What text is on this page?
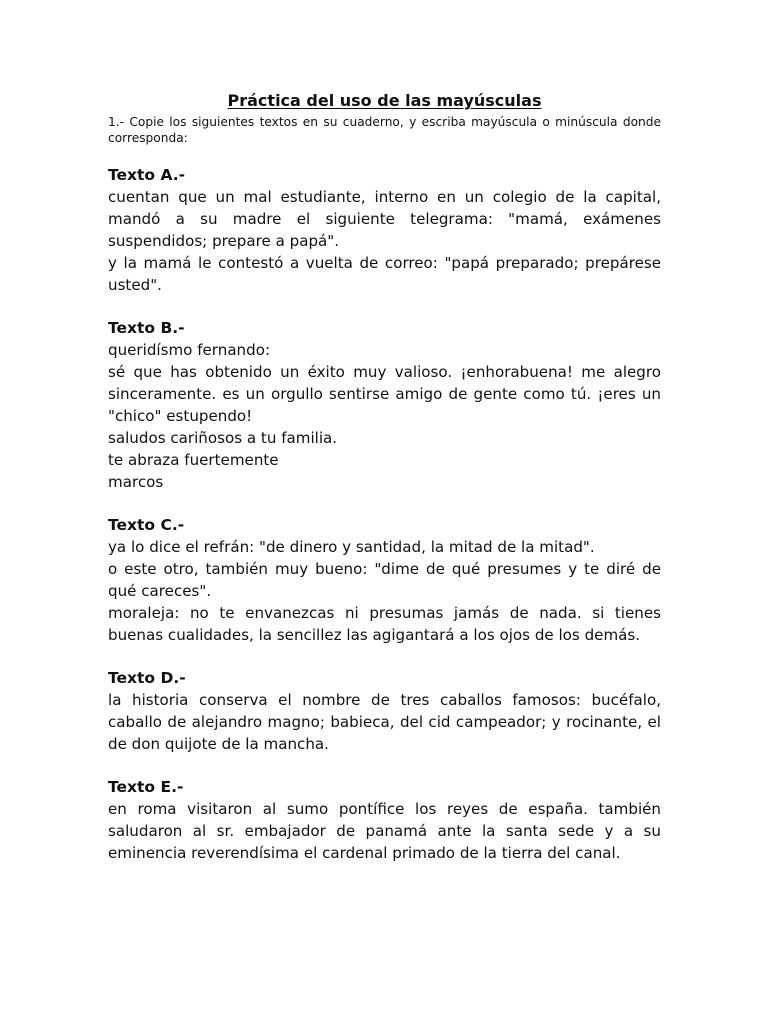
Práctica del uso de las mayúsculas

1.- Copie los siguientes textos en su cuaderno, y escriba mayúscula o minúscula donde corresponda:

Texto A.-

cuentan que un mal estudiante, interno en un colegio de la capital, mandó a su madre el siguiente telegrama: "mamá, exámenes suspendidos; prepare a papá".

y la mamá le contestó a vuelta de correo: "papá preparado; prepárese usted".

Texto B.-

queridísmo fernando:

sé que has obtenido un éxito muy valioso. ¡enhorabuena! me alegro sinceramente. es un orgullo sentirse amigo de gente como tú. ¡eres un "chico" estupendo!

saludos cariñosos a tu familia.

te abraza fuertemente

marcos

Texto C.-

ya lo dice el refrán: "de dinero y santidad, la mitad de la mitad".

o este otro, también muy bueno: "dime de qué presumes y te diré de qué careces".

moraleja: no te envanezcas ni presumas jamás de nada. si tienes buenas cualidades, la sencillez las agigantará a los ojos de los demás.

Texto D.-

la historia conserva el nombre de tres caballos famosos: bucéfalo, caballo de alejandro magno; babieca, del cid campeador; y rocinante, el de don quijote de la mancha.

Texto E.-

en roma visitaron al sumo pontífice los reyes de españa. también saludaron al sr. embajador de panamá ante la santa sede y a su eminencia reverendísima el cardenal primado de la tierra del canal.
